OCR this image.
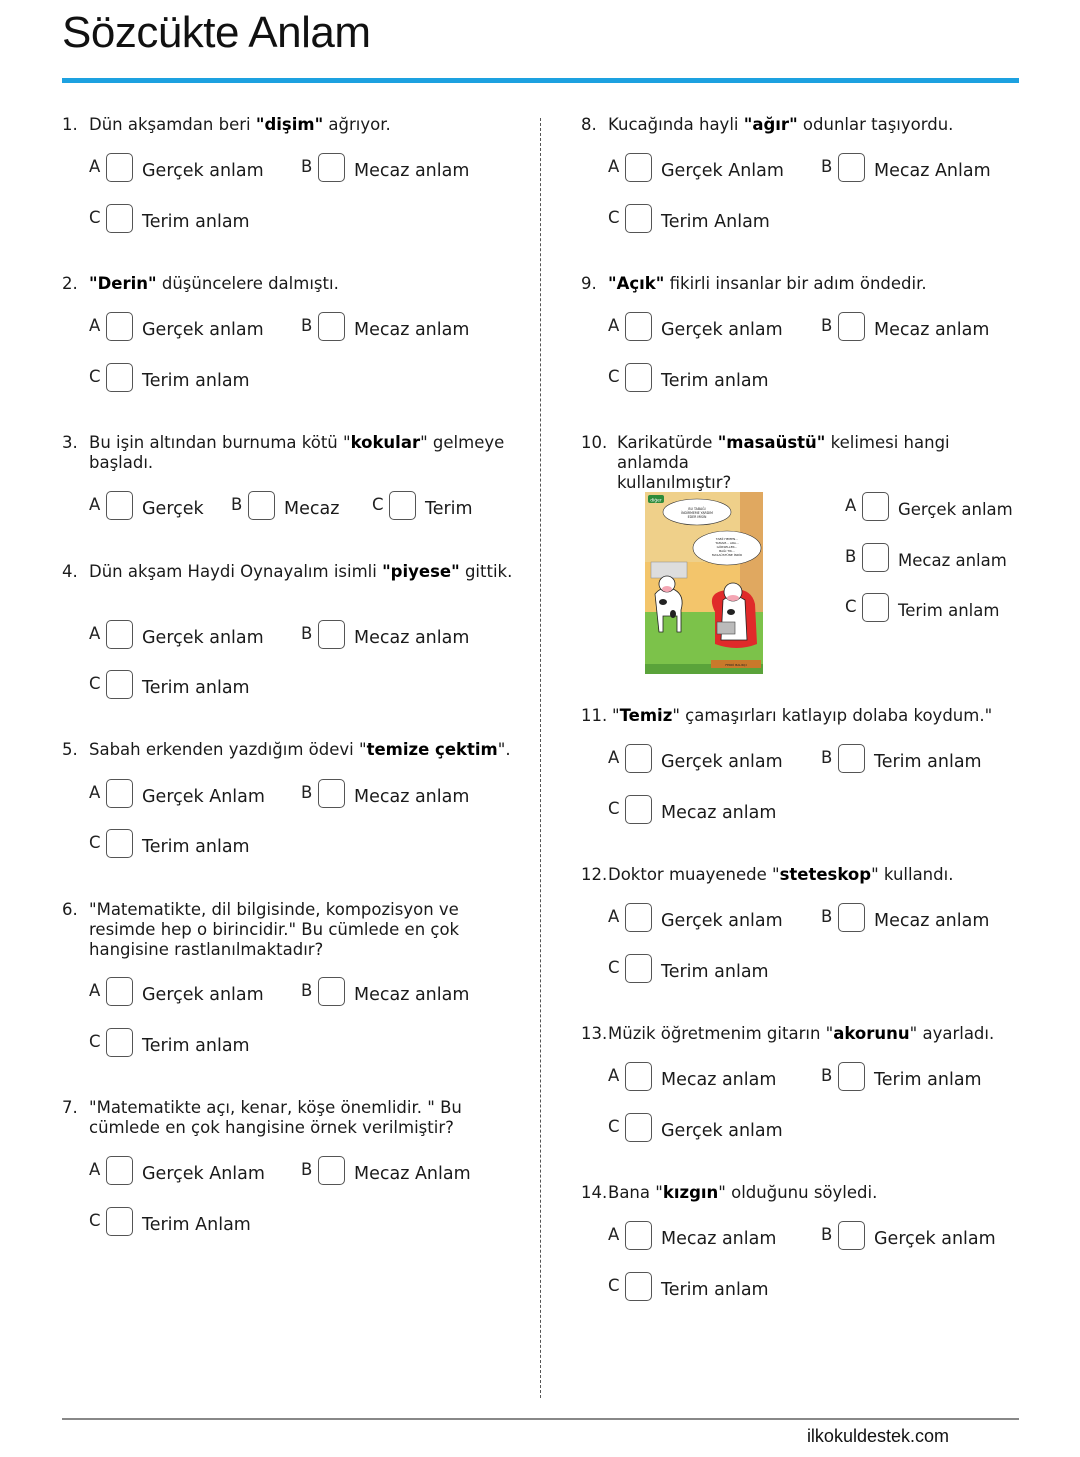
Sözcükte Anlam
1. Dün akşamdan beri "dişim" ağrıyor.
A Gerçek anlam B Mecaz anlam
C Terim anlam
2. "Derin" düşüncelere dalmıştı.
A Gerçek anlam B Mecaz anlam
C Terim anlam
3. Bu işin altından burnuma kötü "kokular" gelmeye
başladı.
A Gerçek B Mecaz C Terim
4. Dün akşam Haydi Oynayalım isimli "piyese" gittik.
A Gerçek anlam B Mecaz anlam
C Terim anlam
5. Sabah erkenden yazdığım ödevi "temize çektim".
A Gerçek Anlam B Mecaz anlam
C Terim anlam
6. "Matematikte, dil bilgisinde, kompozisyon ve
resimde hep o birincidir." Bu cümlede en çok
hangisine rastlanılmaktadır?
A Gerçek anlam B Mecaz anlam
C Terim anlam
7. "Matematikte açı, kenar, köşe önemlidir. " Bu
cümlede en çok hangisine örnek verilmiştir?
A Gerçek Anlam B Mecaz Anlam
C Terim Anlam
8. Kucağında hayli "ağır" odunlar taşıyordu.
A Gerçek Anlam B Mecaz Anlam
C Terim Anlam
9. "Açık" fikirli insanlar bir adım öndedir.
A Gerçek anlam B Mecaz anlam
C Terim anlam
10. Karikatürde "masaüstü" kelimesi hangi anlamda
kullanılmıştır?
diğer
BU TABAĞI
İNDİRMEME YARDIM
EDER MİSİN
TABİİ HEMEN...
TAMAM... ARA...
GÖRSELLER...
BAĞI TIK...
MASAÜSTÜNE İNDİR
FERDİ BALIKÇI
A	Gerçek anlam
B	Mecaz anlam
C	Terim anlam
11. "Temiz" çamaşırları katlayıp dolaba koydum."
A Gerçek anlam B Terim anlam
C Mecaz anlam
12. Doktor muayenede "steteskop" kullandı.
A Gerçek anlam B Mecaz anlam
C Terim anlam
13. Müzik öğretmenim gitarın "akorunu" ayarladı.
A Mecaz anlam	B Terim anlam
C Gerçek anlam
14. Bana "kızgın" olduğunu söyledi.
A Mecaz anlam	B Gerçek anlam
C Terim anlam
ilkokuldestek.com
